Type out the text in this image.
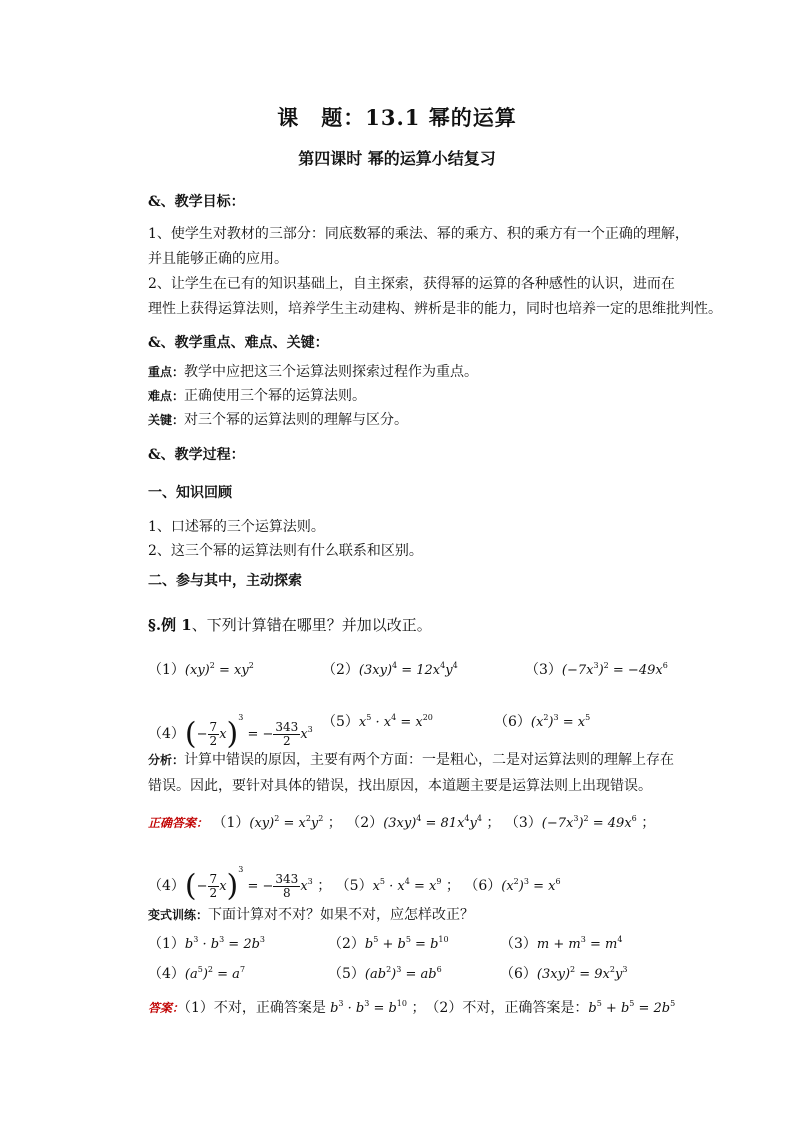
课　题：13.1 幂的运算
第四课时 幂的运算小结复习
&、教学目标：
1、使学生对教材的三部分：同底数幂的乘法、幂的乘方、积的乘方有一个正确的理解，
并且能够正确的应用。
2、让学生在已有的知识基础上，自主探索，获得幂的运算的各种感性的认识，进而在
理性上获得运算法则，培养学生主动建构、辨析是非的能力，同时也培养一定的思维批判性。
&、教学重点、难点、关键：
重点：教学中应把这三个运算法则探索过程作为重点。
难点：正确使用三个幂的运算法则。
关键：对三个幂的运算法则的理解与区分。
&、教学过程：
一、知识回顾
1、口述幂的三个运算法则。
2、这三个幂的运算法则有什么联系和区别。
二、参与其中，主动探索
§.例 1、下列计算错在哪里？并加以改正。
$(1)(xy)^2 = xy^2$	$(2)(3xy)^4 = 12x^4y^4$	$(3)(-7x^3)^2 = -49x^6$
$(4)(- \frac{7}{2} x)^3$ = − $\frac{343}{2} x^3$ $(5)x^5 \cdot x^4 = x^{20}$	$(6)(x^2)^3 = x^5$
分析：计算中错误的原因，主要有两个方面：一是粗心，二是对运算法则的理解上存在
错误。因此，要针对具体的错误，找出原因，本道题主要是运算法则上出现错误。
正确答案： $(1)(xy)^2 = x^2y^2$ ； $(2)(3xy)^4 = 81x^4y^4$ ； $(3)(-7x^3)^2 = 49x^6$ ；
$(4)(- \frac{7}{2} x)^3$ = − $\frac{343}{8} x^3$ ； $(5)x^5 \cdot x^4 = x^9$ ； $(6)(x^2)^3 = x^6$
变式训练：下面计算对不对？如果不对，应怎样改正？
$(1)b^3 \cdot b^3 = 2b^3$	$(2)b^5 + b^5 = b^{10}$	$(3)m + m^3 = m^4$
$(4)(a^5)^2 = a^7$	$(5)(ab^2)^3 = ab^6$	$(6)(3xy)^2 = 9x^2y^3$
答案：（1）不对，正确答案是 $b^3 \cdot b^3 = b^{10}$ ；　（2）不对，正确答案是：$b^5 + b^5 = 2b^5$
